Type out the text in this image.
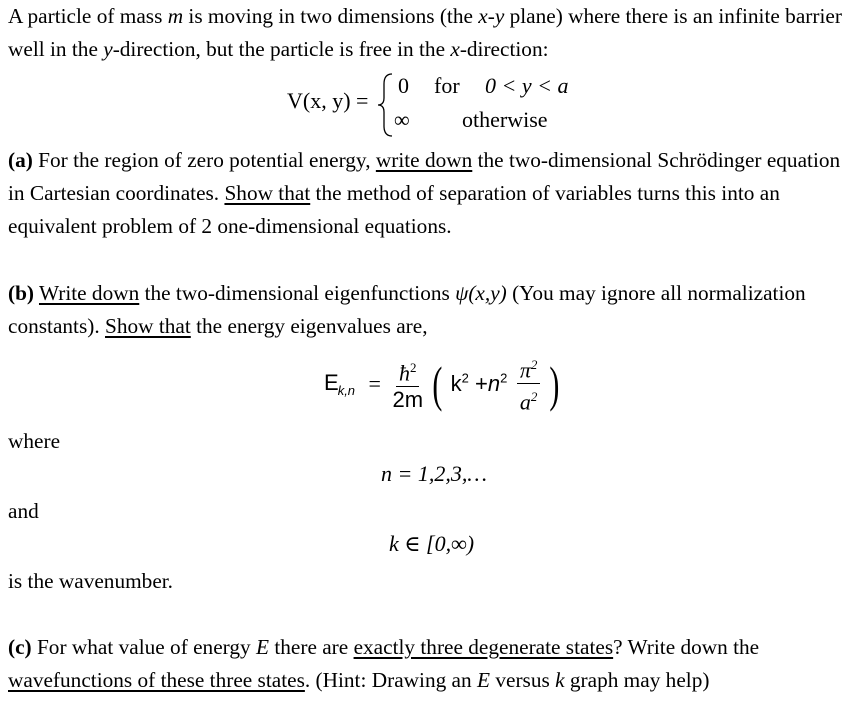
A particle of mass m is moving in two dimensions (the x-y plane) where there is an infinite barrier well in the y-direction, but the particle is free in the x-direction:
V(x, y) =
0 for 0 < y < a
∞ otherwise
(a) For the region of zero potential energy, write down the two-dimensional Schrödinger equation in Cartesian coordinates. Show that the method of separation of variables turns this into an equivalent problem of 2 one-dimensional equations.
(b) Write down the two-dimensional eigenfunctions ψ(x,y) (You may ignore all normalization constants). Show that the energy eigenvalues are,
$E_{k,n} = \frac{ħ^2}{2m}$ ( $k^2 +n^2 \frac{\pi^2}{a^2}$ )
where
n = 1,2,3,…
and
k ∈ [0,∞)
is the wavenumber.
(c) For what value of energy E there are exactly three degenerate states? Write down the wavefunctions of these three states. (Hint: Drawing an E versus k graph may help)
